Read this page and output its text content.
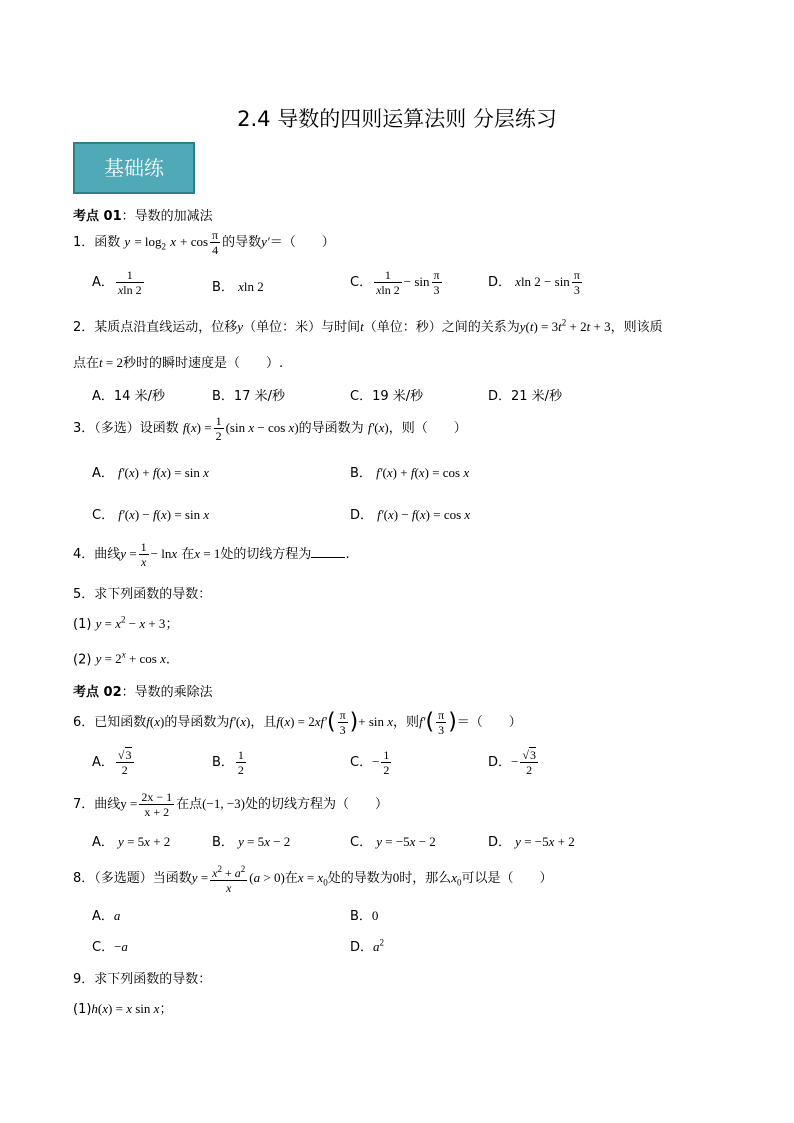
2.4 导数的四则运算法则 分层练习
基础练
考点 01：导数的加减法
1．函数 $y = \log_2 x + \cos \frac{\pi}{4}$ 的导数y′＝（　　）
A． $\frac{1}{xln 2}$	B． xln 2	C． $\frac{1}{xln 2} - \sin \frac{\pi}{3}$	D． xln $2 - \sin \frac{\pi}{3}$
2．某质点沿直线运动，位移y（单位：米）与时间t（单位：秒）之间的关系为$y(t) = 3t^2 + 2t + 3$，则该质
点在t = 2秒时的瞬时速度是（　　）.
A．14 米/秒	B．17 米/秒	C．19 米/秒	D．21 米/秒
3．（多选）设函数 $f(x) = \frac{1}{2} (\sin$ x − cos x)的导函数为 f′(x)，则（　　）
A． f′(x) + f(x) = sin x	B． f′(x) + f(x) = cos x
C． f′(x) − f(x) = sin x	D． f′(x) − f(x) = cos x
4．曲线$y = \frac{1}{x} - \ln x$ 在x = 1处的切线方程为	.
5．求下列函数的导数：
(1) $y = x^2 - x + 3$；
(2) $y = 2^x + \cos x$.
考点 02：导数的乘除法
6．已知函数f(x)的导函数为f′(x)，且$f(x) = 2xf'( \frac{\pi}{3}$ )+ sin x，则$f'( \frac{\pi}{3}$ )＝（　　）
A． $\frac{√3}{2}$	B． $\frac{1}{2}$	C．− $\frac{1}{2}$	D．− $\frac{√3}{2}$
7．曲线$y = \frac{2x - 1}{x + 2}$ 在点(−1, −3)处的切线方程为（　　）
A． y = 5x + 2	B． y = 5x − 2	C． y = −5x − 2	D． y = −5x + 2
8．（多选题）当函数$y = \frac{x^2 + a^2}{x} (a > 0)$在$x = x_0$处的导数为0时，那么$x_0$可以是（　　）
A．a	B．0
C．−a	D．$a^2$
9．求下列函数的导数：
(1)h(x) = x sin x；
